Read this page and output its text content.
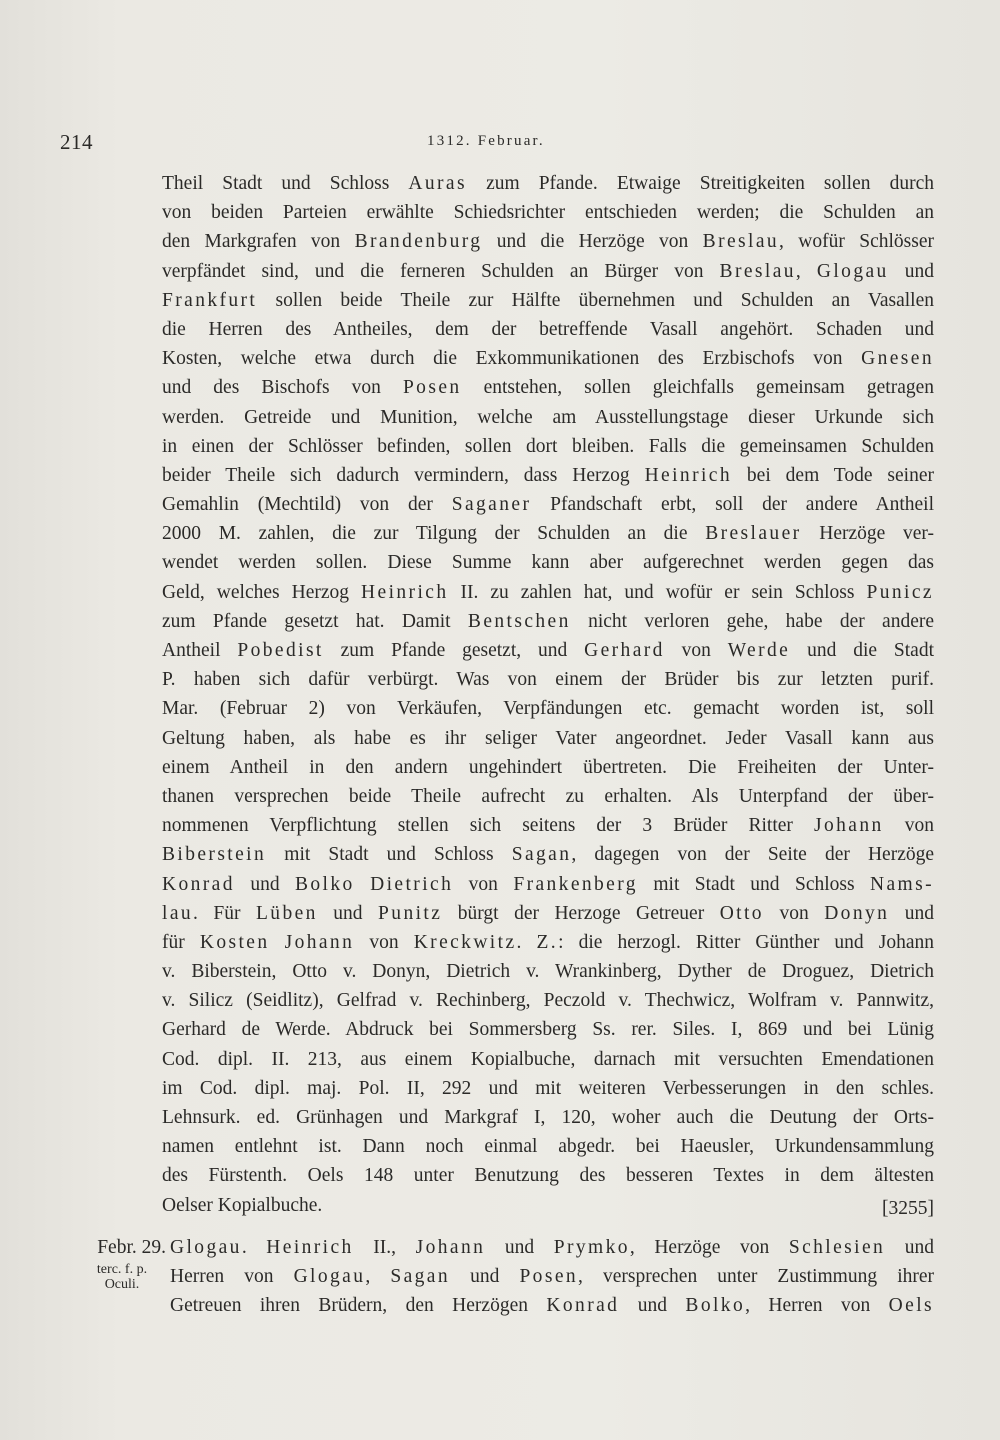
214	1312. Februar.
Theil Stadt und Schloss Auras zum Pfande. Etwaige Streitigkeiten sollen durch
von beiden Parteien erwählte Schiedsrichter entschieden werden; die Schulden an
den Markgrafen von Brandenburg und die Herzöge von Breslau, wofür Schlösser
verpfändet sind, und die ferneren Schulden an Bürger von Breslau, Glogau und
Frankfurt sollen beide Theile zur Hälfte übernehmen und Schulden an Vasallen
die Herren des Antheiles, dem der betreffende Vasall angehört. Schaden und
Kosten, welche etwa durch die Exkommunikationen des Erzbischofs von Gnesen
und des Bischofs von Posen entstehen, sollen gleichfalls gemeinsam getragen
werden. Getreide und Munition, welche am Ausstellungstage dieser Urkunde sich
in einen der Schlösser befinden, sollen dort bleiben. Falls die gemeinsamen Schulden
beider Theile sich dadurch vermindern, dass Herzog Heinrich bei dem Tode seiner
Gemahlin (Mechtild) von der Saganer Pfandschaft erbt, soll der andere Antheil
2000 M. zahlen, die zur Tilgung der Schulden an die Breslauer Herzöge ver-
wendet werden sollen. Diese Summe kann aber aufgerechnet werden gegen das
Geld, welches Herzog Heinrich II. zu zahlen hat, und wofür er sein Schloss Punicz
zum Pfande gesetzt hat. Damit Bentschen nicht verloren gehe, habe der andere
Antheil Pobedist zum Pfande gesetzt, und Gerhard von Werde und die Stadt
P. haben sich dafür verbürgt. Was von einem der Brüder bis zur letzten purif.
Mar. (Februar 2) von Verkäufen, Verpfändungen etc. gemacht worden ist, soll
Geltung haben, als habe es ihr seliger Vater angeordnet. Jeder Vasall kann aus
einem Antheil in den andern ungehindert übertreten. Die Freiheiten der Unter-
thanen versprechen beide Theile aufrecht zu erhalten. Als Unterpfand der über-
nommenen Verpflichtung stellen sich seitens der 3 Brüder Ritter Johann von
Biberstein mit Stadt und Schloss Sagan, dagegen von der Seite der Herzöge
Konrad und Bolko Dietrich von Frankenberg mit Stadt und Schloss Nams-
lau. Für Lüben und Punitz bürgt der Herzoge Getreuer Otto von Donyn und
für Kosten Johann von Kreckwitz. Z.: die herzogl. Ritter Günther und Johann
v. Biberstein, Otto v. Donyn, Dietrich v. Wrankinberg, Dyther de Droguez, Dietrich
v. Silicz (Seidlitz), Gelfrad v. Rechinberg, Peczold v. Thechwicz, Wolfram v. Pannwitz,
Gerhard de Werde. Abdruck bei Sommersberg Ss. rer. Siles. I, 869 und bei Lünig
Cod. dipl. II. 213, aus einem Kopialbuche, darnach mit versuchten Emendationen
im Cod. dipl. maj. Pol. II, 292 und mit weiteren Verbesserungen in den schles.
Lehnsurk. ed. Grünhagen und Markgraf I, 120, woher auch die Deutung der Orts-
namen entlehnt ist. Dann noch einmal abgedr. bei Haeusler, Urkundensammlung
des Fürstenth. Oels 148 unter Benutzung des besseren Textes in dem ältesten
Oelser Kopialbuche.	[3255]
Febr. 29.
terc. f. p.
Oculi.
Glogau. Heinrich II., Johann und Prymko, Herzöge von Schlesien und
Herren von Glogau, Sagan und Posen, versprechen unter Zustimmung ihrer
Getreuen ihren Brüdern, den Herzögen Konrad und Bolko, Herren von Oels
